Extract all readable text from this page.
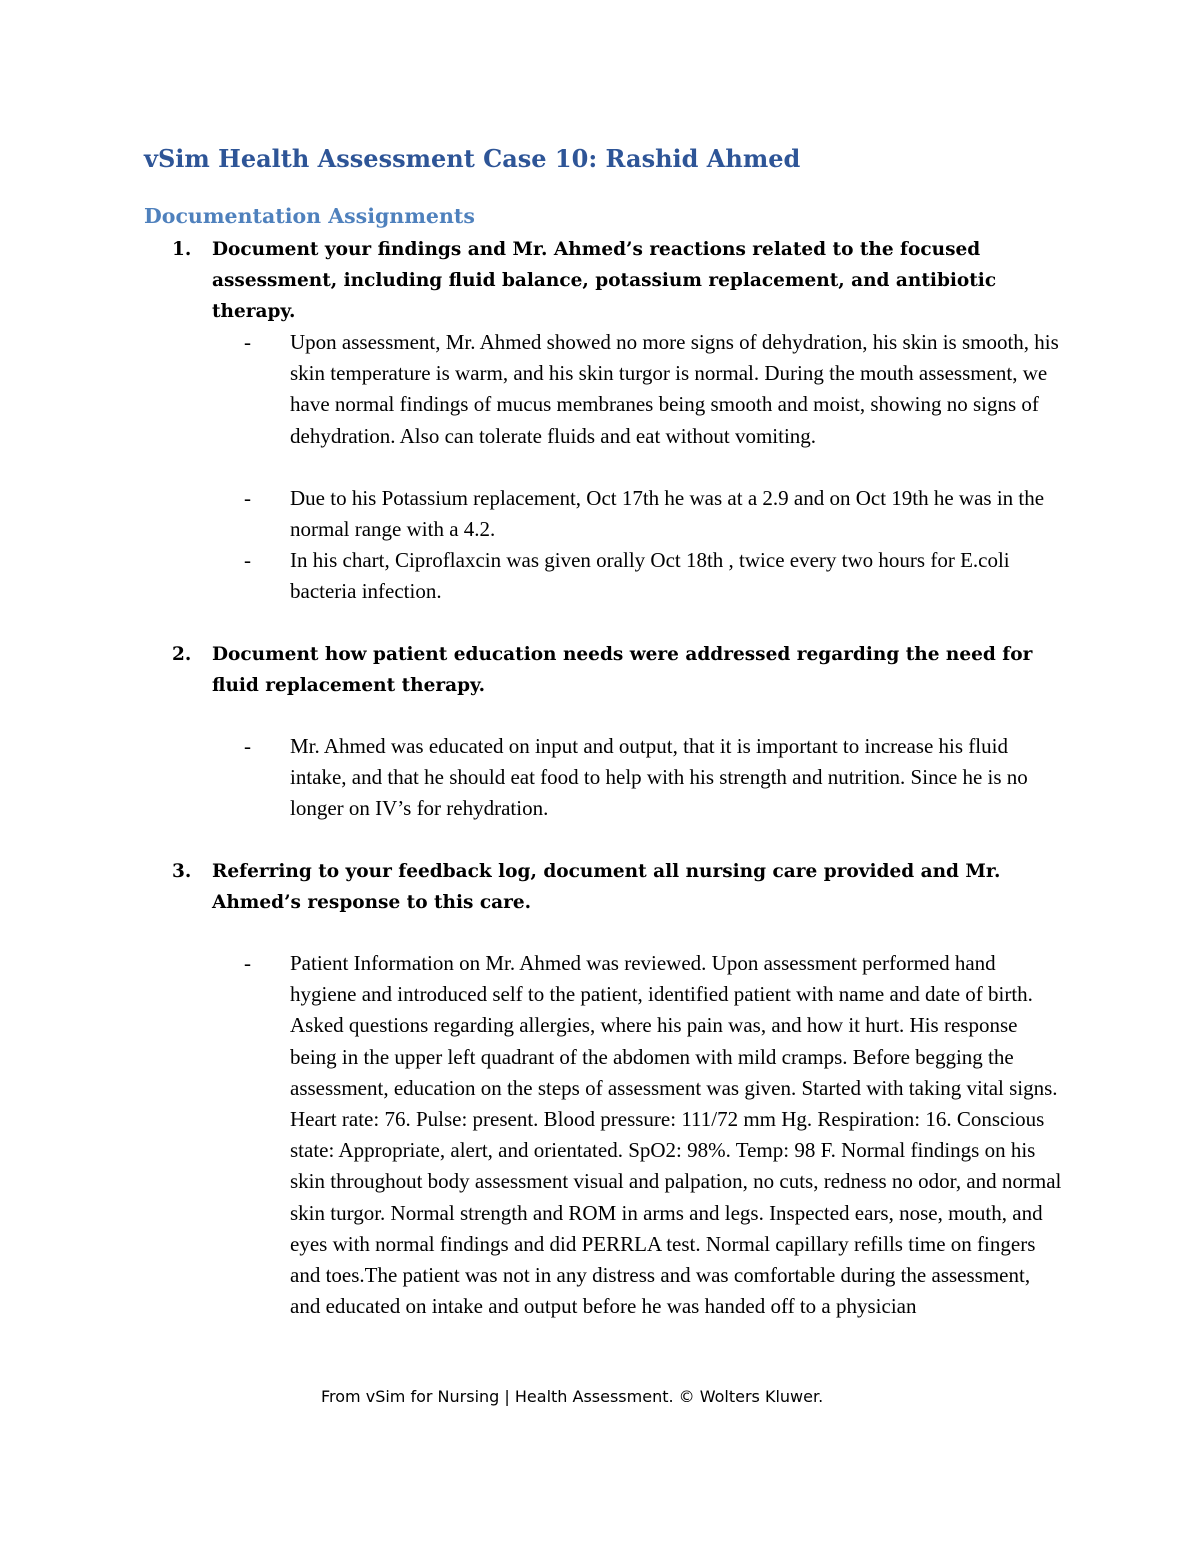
vSim Health Assessment Case 10: Rashid Ahmed
Documentation Assignments
1. Document your findings and Mr. Ahmed’s reactions related to the focused assessment, including fluid balance, potassium replacement, and antibiotic therapy.
- Upon assessment, Mr. Ahmed showed no more signs of dehydration, his skin is smooth, his skin temperature is warm, and his skin turgor is normal. During the mouth assessment, we have normal findings of mucus membranes being smooth and moist, showing no signs of dehydration. Also can tolerate fluids and eat without vomiting.
- Due to his Potassium replacement, Oct 17th he was at a 2.9 and on Oct 19th he was in the normal range with a 4.2.
- In his chart, Ciproflaxcin was given orally Oct 18th , twice every two hours for E.coli bacteria infection.
2. Document how patient education needs were addressed regarding the need for fluid replacement therapy.
- Mr. Ahmed was educated on input and output, that it is important to increase his fluid intake, and that he should eat food to help with his strength and nutrition. Since he is no longer on IV’s for rehydration.
3. Referring to your feedback log, document all nursing care provided and Mr. Ahmed’s response to this care.
- Patient Information on Mr. Ahmed was reviewed. Upon assessment performed hand hygiene and introduced self to the patient, identified patient with name and date of birth. Asked questions regarding allergies, where his pain was, and how it hurt. His response being in the upper left quadrant of the abdomen with mild cramps. Before begging the assessment, education on the steps of assessment was given. Started with taking vital signs. Heart rate: 76. Pulse: present. Blood pressure: 111/72 mm Hg. Respiration: 16. Conscious state: Appropriate, alert, and orientated. SpO2: 98%. Temp: 98 F. Normal findings on his skin throughout body assessment visual and palpation, no cuts, redness no odor, and normal skin turgor. Normal strength and ROM in arms and legs. Inspected ears, nose, mouth, and eyes with normal findings and did PERRLA test. Normal capillary refills time on fingers and toes.The patient was not in any distress and was comfortable during the assessment, and educated on intake and output before he was handed off to a physician
From vSim for Nursing | Health Assessment. © Wolters Kluwer.
